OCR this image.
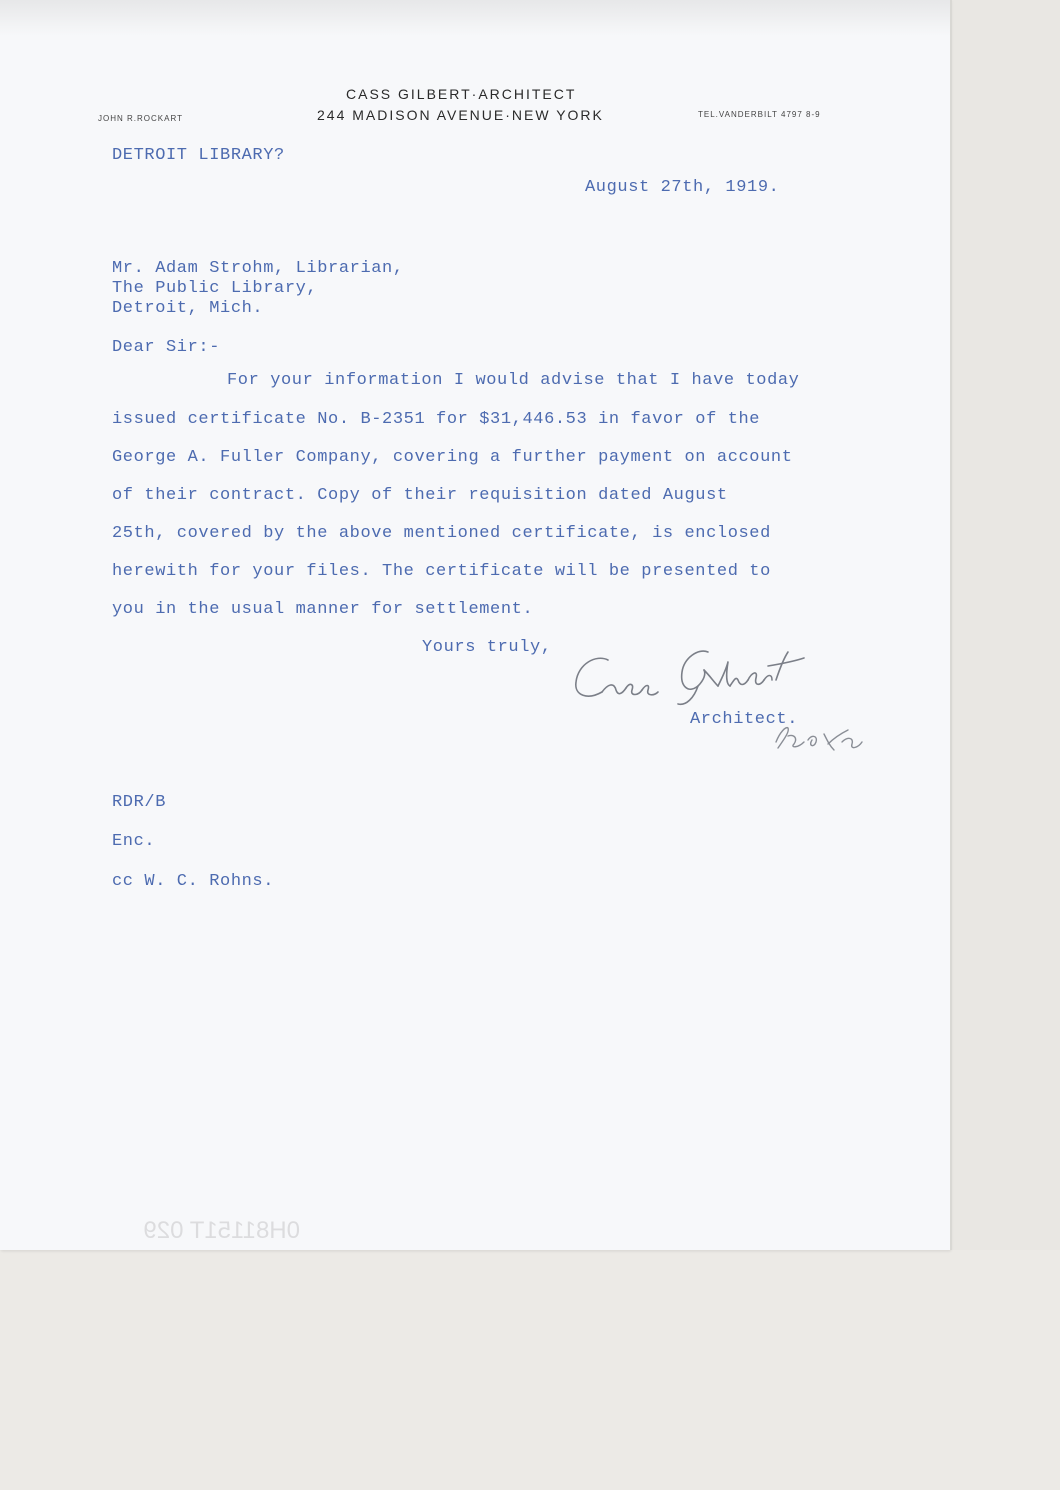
CASS GILBERT·ARCHITECT
244 MADISON AVENUE·NEW YORK
JOHN R.ROCKART	TEL.VANDERBILT 4797 8-9
DETROIT LIBRARY?
August 27th, 1919.
Mr. Adam Strohm, Librarian,
The Public Library,
Detroit, Mich.
Dear Sir:-
For your information I would advise that I have today
issued certificate No. B-2351 for $31,446.53 in favor of the
George A. Fuller Company, covering a further payment on account
of their contract. Copy of their requisition dated August
25th, covered by the above mentioned certificate, is enclosed
herewith for your files. The certificate will be presented to
you in the usual manner for settlement.
Yours truly,
Cass Gilbert	Architect.
RDR/B
Enc.
cc W. C. Rohns.
0H81151T 029
